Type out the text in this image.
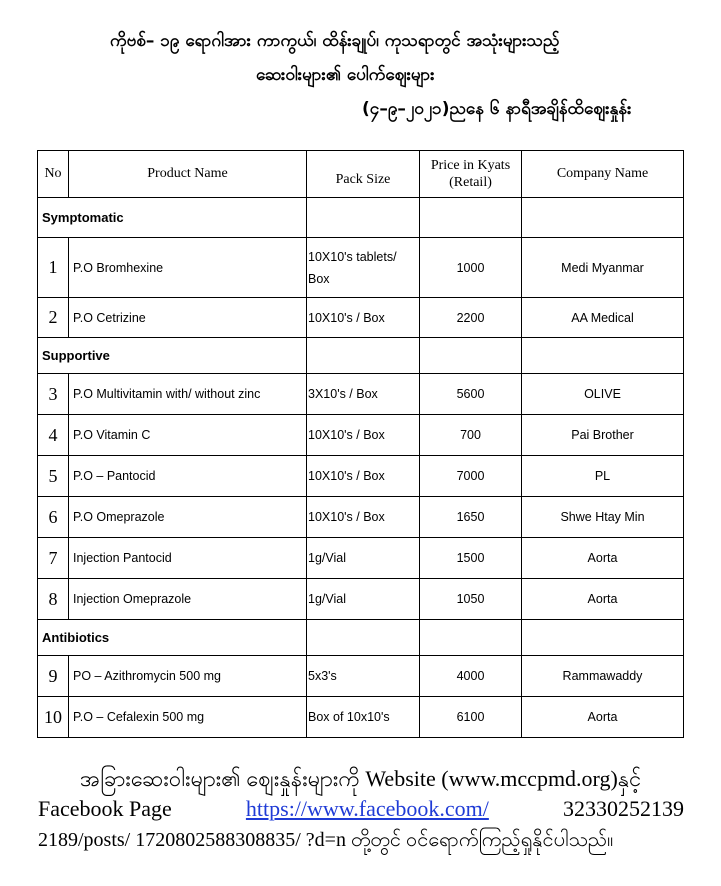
ကိုဗစ်– ၁၉ ရောဂါအား ကာကွယ်၊ ထိန်းချုပ်၊ ကုသရာတွင် အသုံးများသည့်
ဆေးဝါးများ၏ ပေါက်ဈေးများ
(၄–၉–၂၀၂၁)ညနေ ၆ နာရီအချိန်ထိဈေးနှုန်း
No	Product Name	Pack Size	Price in Kyats (Retail)	Company Name
Symptomatic				
1	P.O Bromhexine	10X10's tablets/ Box	1000	Medi Myanmar
2	P.O Cetrizine	10X10's / Box	2200	AA Medical
Supportive				
3	P.O Multivitamin with/ without zinc	3X10's / Box	5600	OLIVE
4	P.O Vitamin C	10X10's / Box	700	Pai Brother
5	P.O – Pantocid	10X10's / Box	7000	PL
6	P.O Omeprazole	10X10's / Box	1650	Shwe Htay Min
7	Injection Pantocid	1g/Vial	1500	Aorta
8	Injection Omeprazole	1g/Vial	1050	Aorta
Antibiotics				
9	PO – Azithromycin 500 mg	5x3's	4000	Rammawaddy
10	P.O – Cefalexin 500 mg	Box of 10x10's	6100	Aorta
အခြားဆေးဝါးများ၏ ဈေးနှုန်းများကို Website (www.mccpmd.org)နှင့်
Facebook Page	https://www.facebook.com/	32330252139
2189/posts/ 1720802588308835/ ?d=n တို့တွင် ဝင်ရောက်ကြည့်ရှုနိုင်ပါသည်။
